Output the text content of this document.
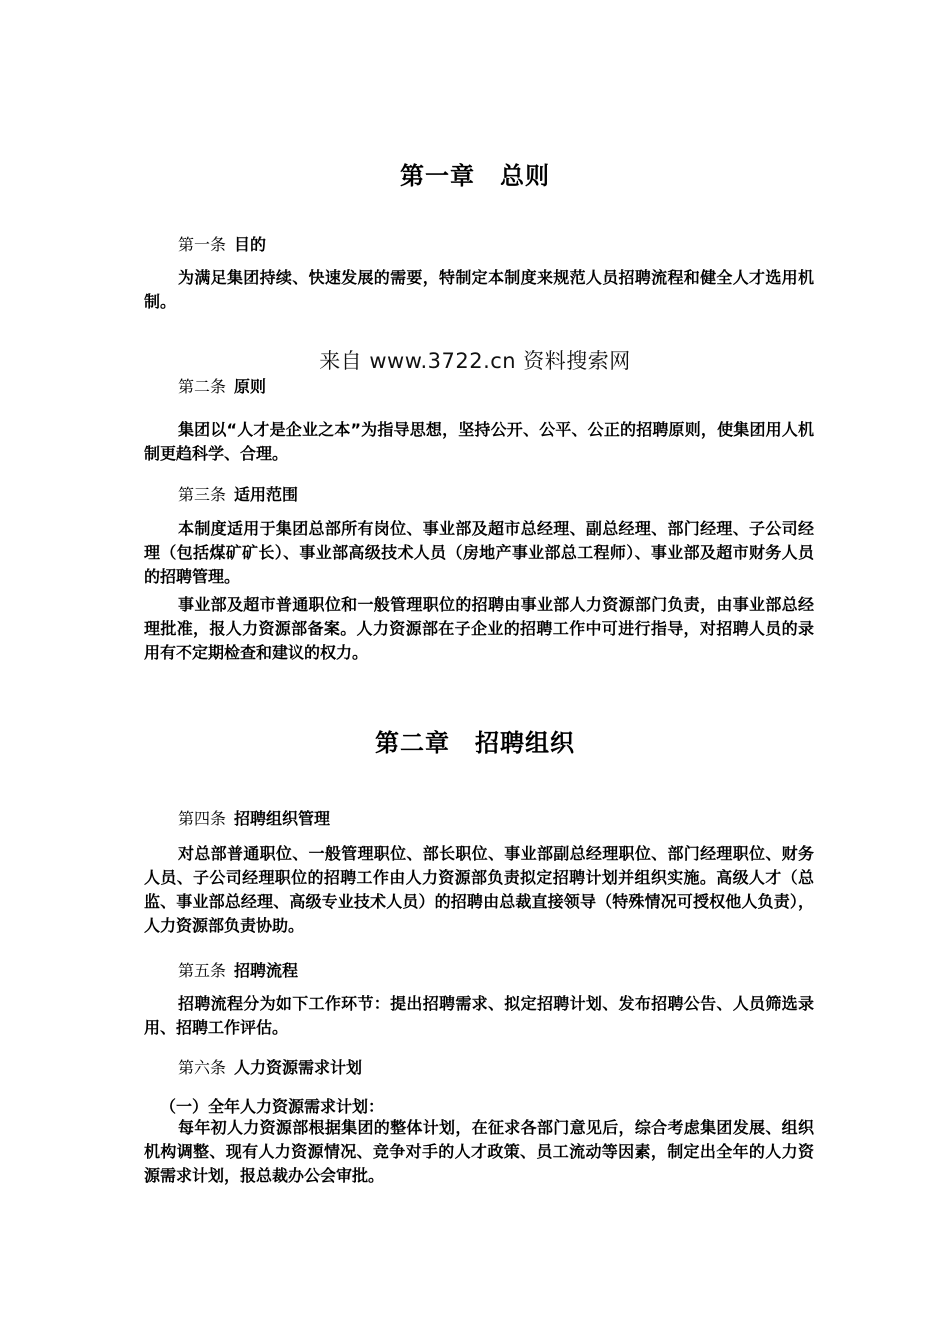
第一章　总则

第一条 目的

为满足集团持续、快速发展的需要，特制定本制度来规范人员招聘流程和健全人才选用机制。

来自 www.3722.cn 资料搜索网

第二条 原则

集团以“人才是企业之本”为指导思想，坚持公开、公平、公正的招聘原则，使集团用人机制更趋科学、合理。

第三条 适用范围

本制度适用于集团总部所有岗位、事业部及超市总经理、副总经理、部门经理、子公司经理（包括煤矿矿长）、事业部高级技术人员（房地产事业部总工程师）、事业部及超市财务人员的招聘管理。

事业部及超市普通职位和一般管理职位的招聘由事业部人力资源部门负责，由事业部总经理批准，报人力资源部备案。人力资源部在子企业的招聘工作中可进行指导，对招聘人员的录用有不定期检查和建议的权力。

第二章　招聘组织

第四条 招聘组织管理

对总部普通职位、一般管理职位、部长职位、事业部副总经理职位、部门经理职位、财务人员、子公司经理职位的招聘工作由人力资源部负责拟定招聘计划并组织实施。高级人才（总监、事业部总经理、高级专业技术人员）的招聘由总裁直接领导（特殊情况可授权他人负责），人力资源部负责协助。

第五条 招聘流程

招聘流程分为如下工作环节：提出招聘需求、拟定招聘计划、发布招聘公告、人员筛选录用、招聘工作评估。

第六条 人力资源需求计划

（一）全年人力资源需求计划：

每年初人力资源部根据集团的整体计划，在征求各部门意见后，综合考虑集团发展、组织机构调整、现有人力资源情况、竞争对手的人才政策、员工流动等因素，制定出全年的人力资源需求计划，报总裁办公会审批。
